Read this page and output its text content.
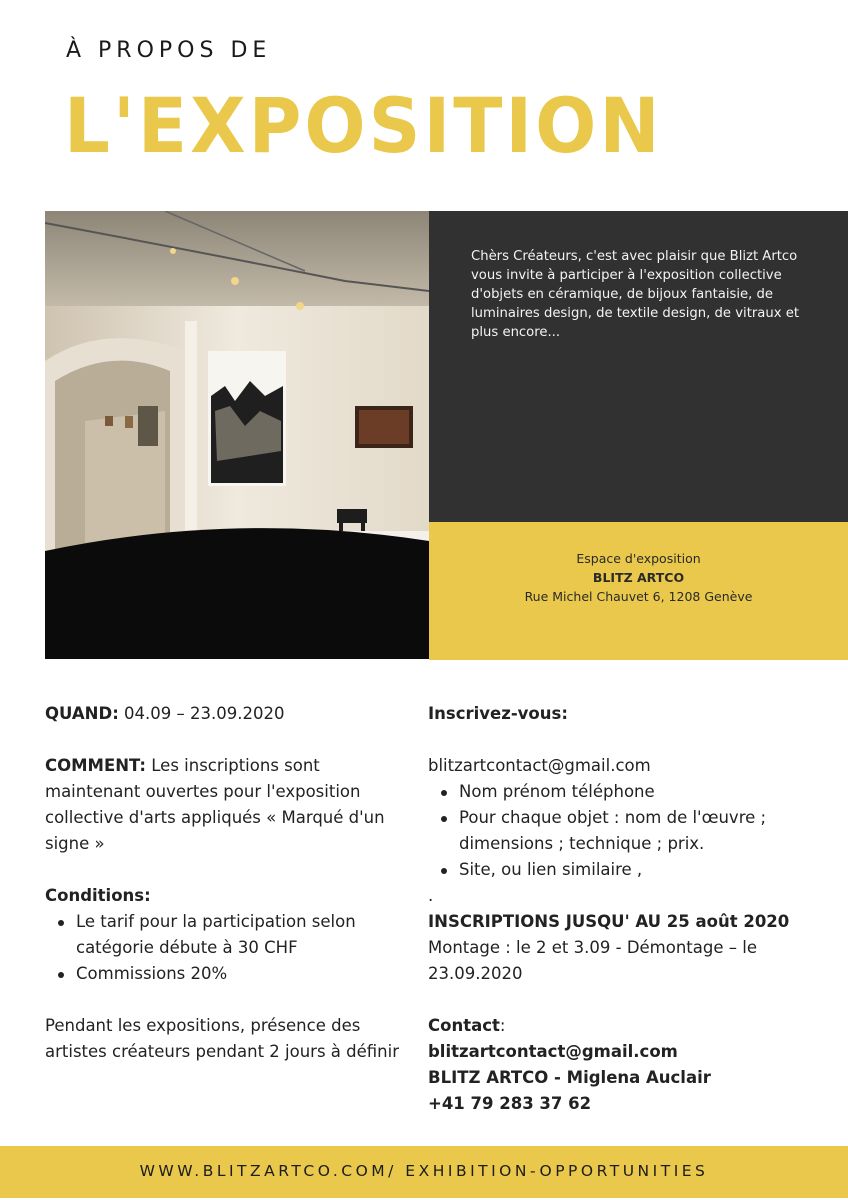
À PROPOS DE
L'EXPOSITION

Chèrs Créateurs, c'est avec plaisir que Blizt Artco vous invite à participer à l'exposition collective d'objets en céramique, de bijoux fantaisie, de luminaires design, de textile design, de vitraux et plus encore...

Espace d'exposition
BLITZ ARTCO
Rue Michel Chauvet 6, 1208 Genève
QUAND: 04.09 – 23.09.2020
COMMENT: Les inscriptions sont maintenant ouvertes pour l'exposition collective d'arts appliqués « Marqué d'un signe »
Conditions:
Le tarif pour la participation selon catégorie débute à 30 CHF
Commissions 20%
Pendant les expositions, présence des artistes créateurs pendant 2 jours à définir
Inscrivez-vous:
blitzartcontact@gmail.com
Nom prénom téléphone
Pour chaque objet : nom de l'œuvre ; dimensions ; technique ; prix.
Site, ou lien similaire ,
.
INSCRIPTIONS JUSQU' AU 25 août 2020
Montage : le 2 et 3.09 - Démontage – le 23.09.2020
Contact:
blitzartcontact@gmail.com
BLITZ ARTCO - Miglena Auclair
+41 79 283 37 62
WWW.BLITZARTCO.COM/ EXHIBITION-OPPORTUNITIES
